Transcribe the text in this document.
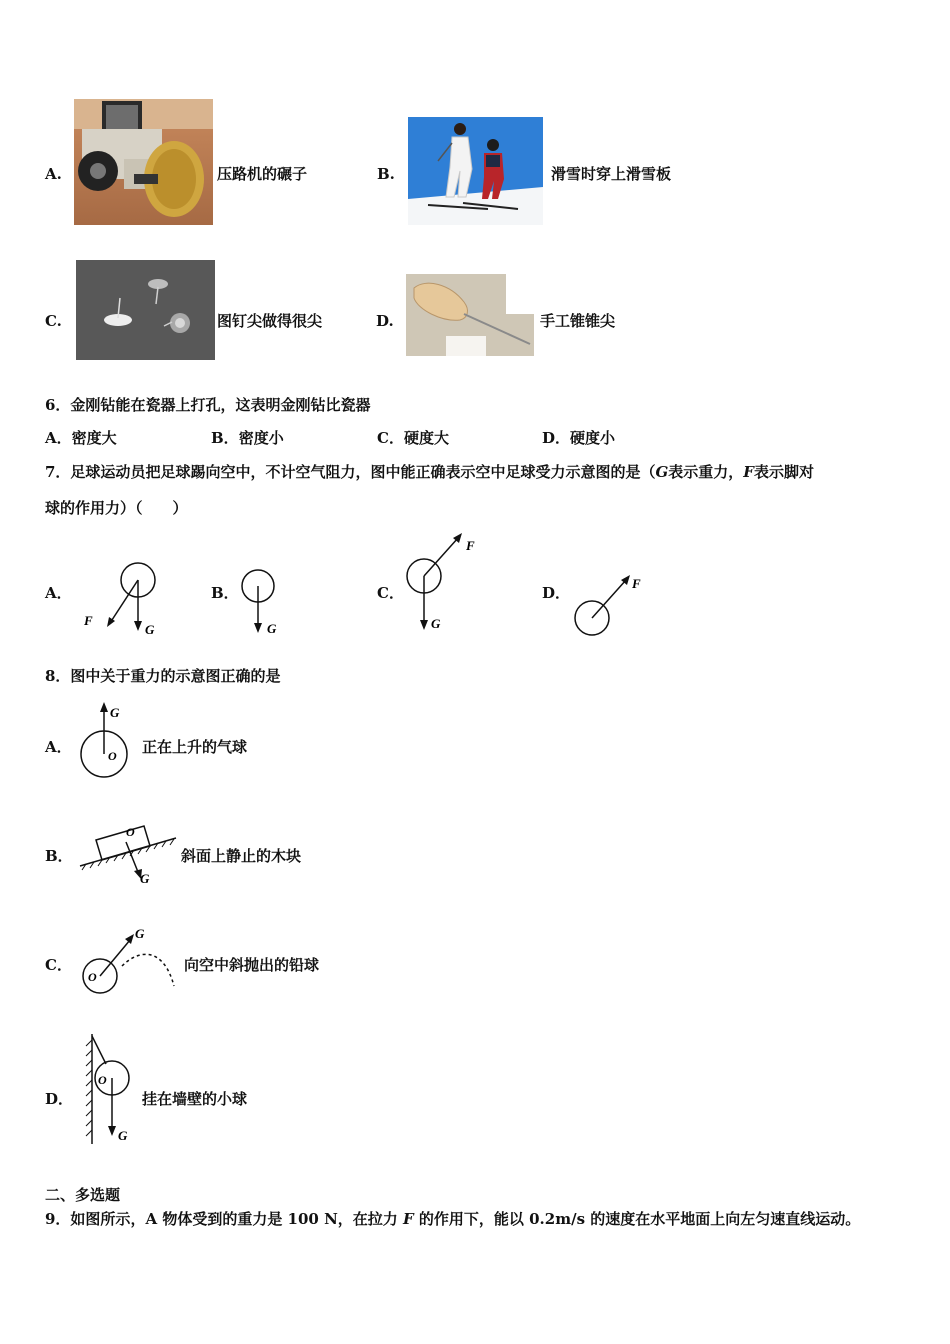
A.	压路机的碾子	B.	滑雪时穿上滑雪板
C.	图钉尖做得很尖	D.	手工锥锥尖
6．金刚钻能在瓷器上打孔，这表明金刚钻比瓷器
A．密度大	B．密度小	C．硬度大	D．硬度小
7．足球运动员把足球踢向空中，不计空气阻力，图中能正确表示空中足球受力示意图的是（G表示重力，F表示脚对
球的作用力）（　　）
A．
G
F
B．
G
C．
G
F
D．
F
8．图中关于重力的示意图正确的是
A．
G
O 正在上升的气球
B．
O
G
斜面上静止的木块
C．
O
G
向空中斜抛出的铅球
D．
O
G
挂在墙壁的小球
二、多选题
9．如图所示，A 物体受到的重力是 100 N，在拉力 F 的作用下，能以 0.2m/s 的速度在水平地面上向左匀速直线运动。
